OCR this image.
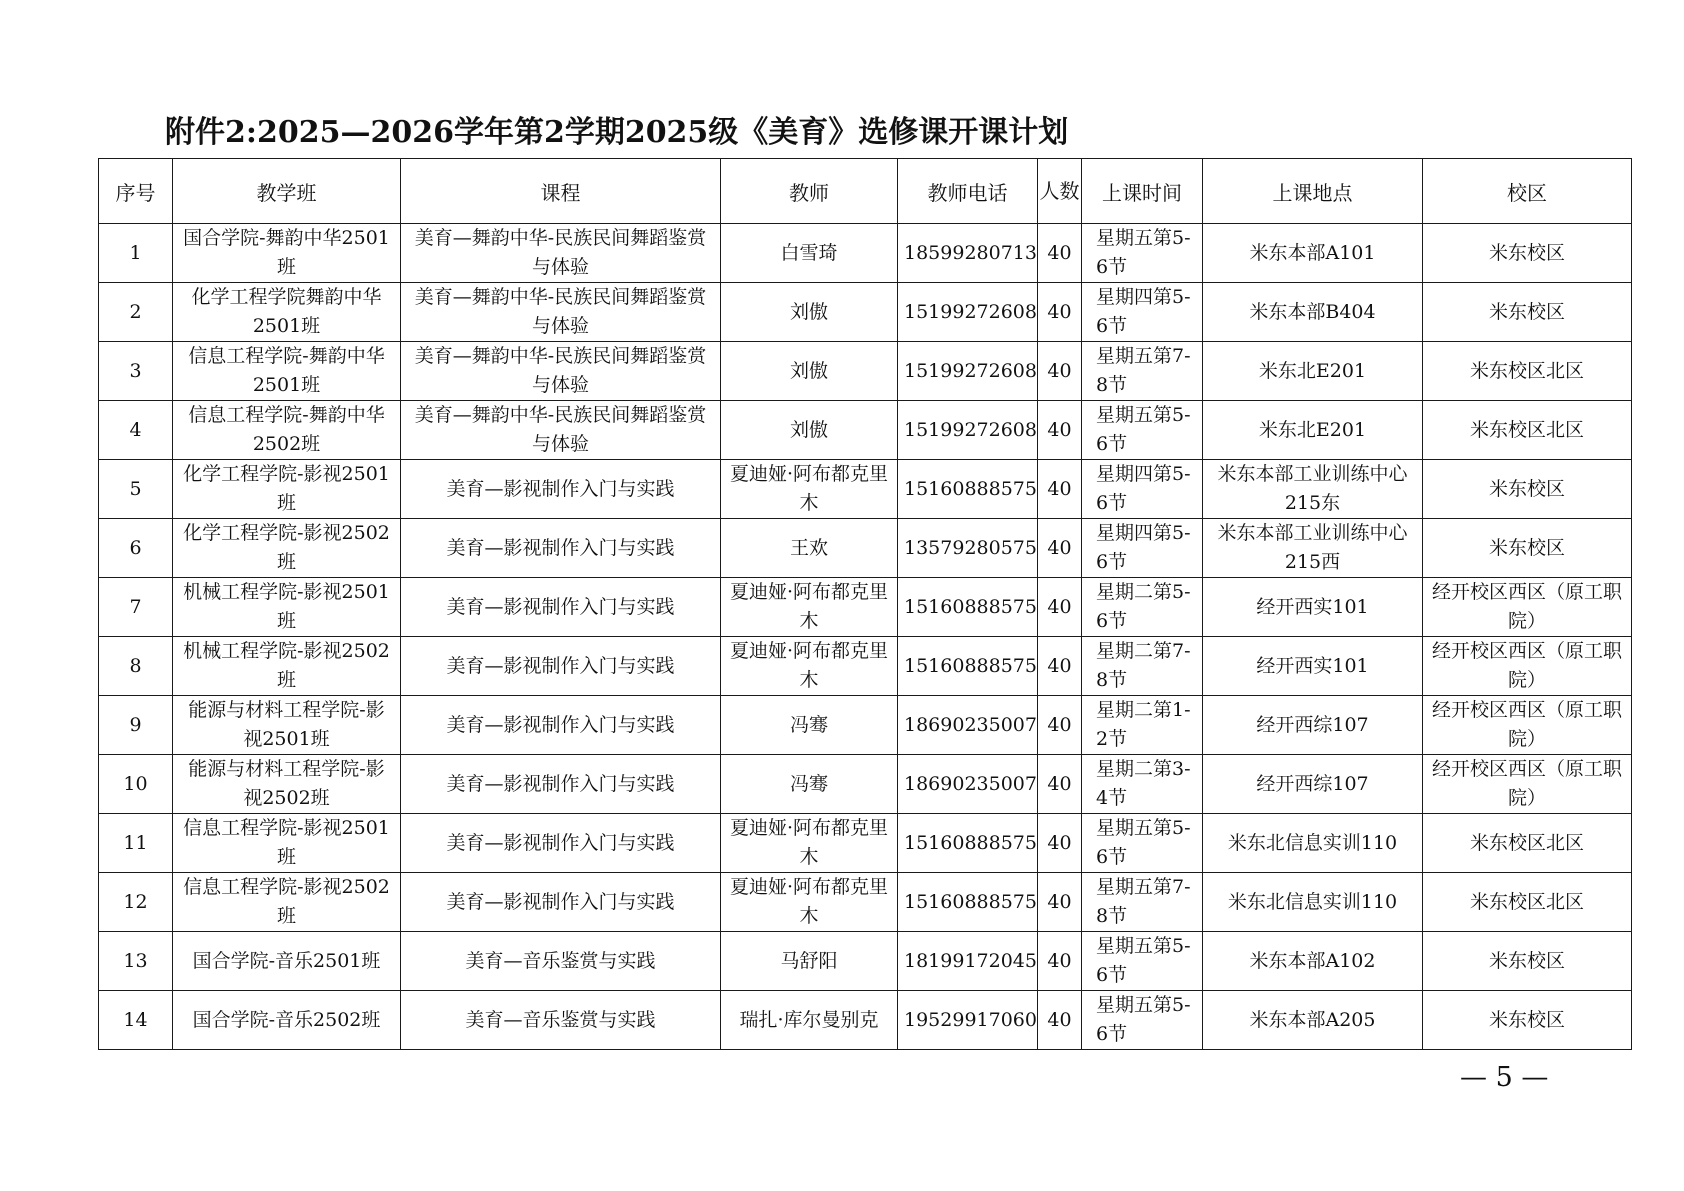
附件2:2025—2026学年第2学期2025级《美育》选修课开课计划
序号	教学班	课程	教师	教师电话	人数	上课时间	上课地点	校区
1	国合学院-舞韵中华2501班	美育—舞韵中华-民族民间舞蹈鉴赏与体验	白雪琦	18599280713	40	星期五第5-6节	米东本部A101	米东校区
2	化学工程学院舞韵中华2501班	美育—舞韵中华-民族民间舞蹈鉴赏与体验	刘傲	15199272608	40	星期四第5-6节	米东本部B404	米东校区
3	信息工程学院-舞韵中华2501班	美育—舞韵中华-民族民间舞蹈鉴赏与体验	刘傲	15199272608	40	星期五第7-8节	米东北E201	米东校区北区
4	信息工程学院-舞韵中华2502班	美育—舞韵中华-民族民间舞蹈鉴赏与体验	刘傲	15199272608	40	星期五第5-6节	米东北E201	米东校区北区
5	化学工程学院-影视2501班	美育—影视制作入门与实践	夏迪娅·阿布都克里木	15160888575	40	星期四第5-6节	米东本部工业训练中心215东	米东校区
6	化学工程学院-影视2502班	美育—影视制作入门与实践	王欢	13579280575	40	星期四第5-6节	米东本部工业训练中心215西	米东校区
7	机械工程学院-影视2501班	美育—影视制作入门与实践	夏迪娅·阿布都克里木	15160888575	40	星期二第5-6节	经开西实101	经开校区西区（原工职院）
8	机械工程学院-影视2502班	美育—影视制作入门与实践	夏迪娅·阿布都克里木	15160888575	40	星期二第7-8节	经开西实101	经开校区西区（原工职院）
9	能源与材料工程学院-影视2501班	美育—影视制作入门与实践	冯骞	18690235007	40	星期二第1-2节	经开西综107	经开校区西区（原工职院）
10	能源与材料工程学院-影视2502班	美育—影视制作入门与实践	冯骞	18690235007	40	星期二第3-4节	经开西综107	经开校区西区（原工职院）
11	信息工程学院-影视2501班	美育—影视制作入门与实践	夏迪娅·阿布都克里木	15160888575	40	星期五第5-6节	米东北信息实训110	米东校区北区
12	信息工程学院-影视2502班	美育—影视制作入门与实践	夏迪娅·阿布都克里木	15160888575	40	星期五第7-8节	米东北信息实训110	米东校区北区
13	国合学院-音乐2501班	美育—音乐鉴赏与实践	马舒阳	18199172045	40	星期五第5-6节	米东本部A102	米东校区
14	国合学院-音乐2502班	美育—音乐鉴赏与实践	瑞扎·库尔曼别克	19529917060	40	星期五第5-6节	米东本部A205	米东校区
— 5 —
